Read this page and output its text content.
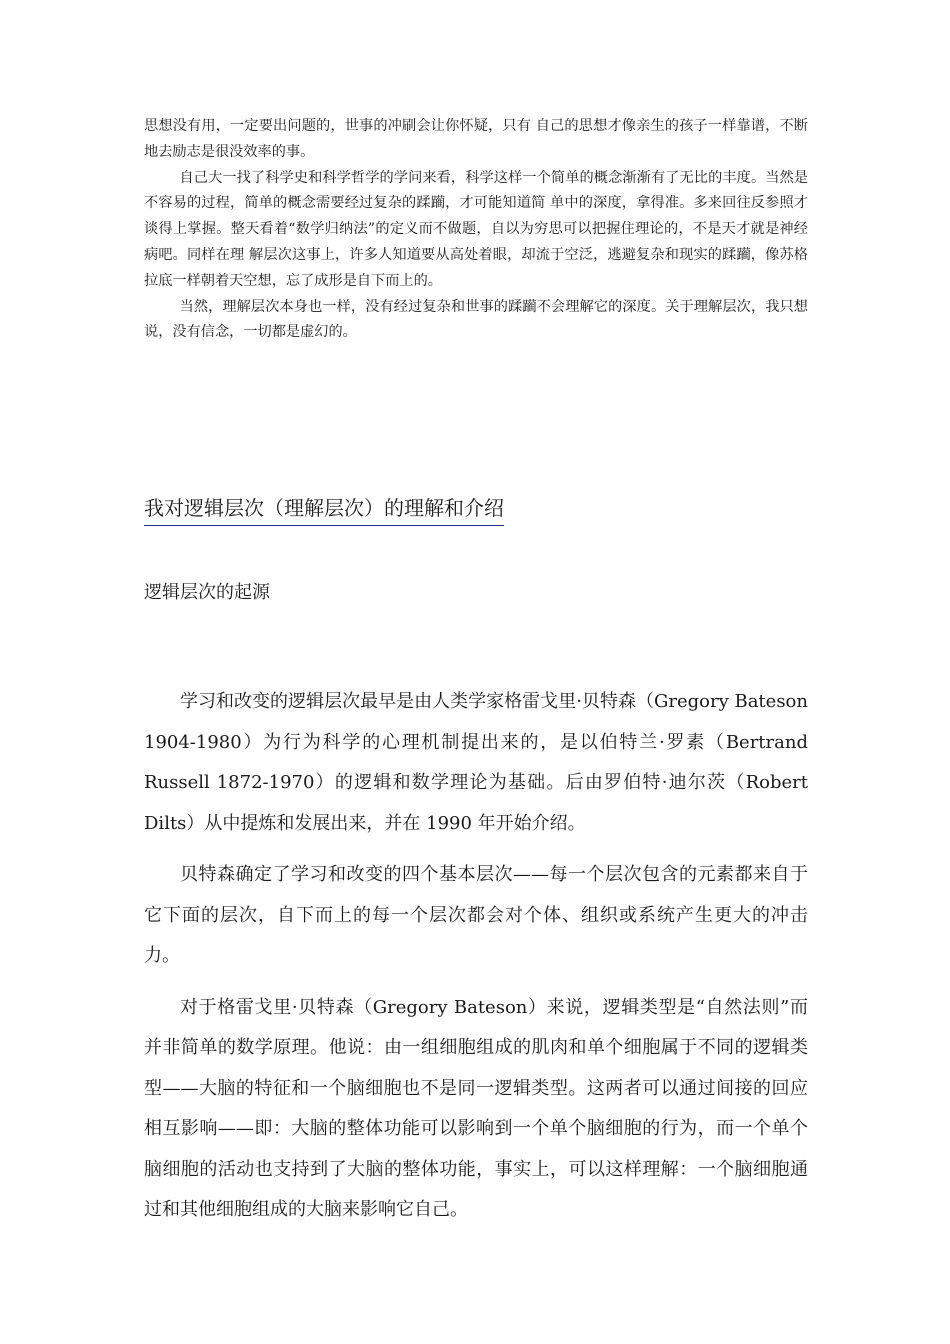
思想没有用，一定要出问题的，世事的冲刷会让你怀疑，只有 自己的思想才像亲生的孩子一样靠谱，不断地去励志是很没效率的事。

自己大一找了科学史和科学哲学的学问来看，科学这样一个简单的概念渐渐有了无比的丰度。当然是不容易的过程，简单的概念需要经过复杂的蹂躏，才可能知道简 单中的深度，拿得准。多来回往反参照才谈得上掌握。整天看着“数学归纳法”的定义而不做题，自以为穷思可以把握住理论的，不是天才就是神经病吧。同样在理 解层次这事上，许多人知道要从高处着眼，却流于空泛，逃避复杂和现实的蹂躏，像苏格拉底一样朝着天空想，忘了成形是自下而上的。

当然，理解层次本身也一样，没有经过复杂和世事的蹂躏不会理解它的深度。关于理解层次，我只想说，没有信念，一切都是虚幻的。

我对逻辑层次（理解层次）的理解和介绍
逻辑层次的起源

学习和改变的逻辑层次最早是由人类学家格雷戈里·贝特森（Gregory Bateson 1904-1980）为行为科学的心理机制提出来的，是以伯特兰·罗素（Bertrand Russell 1872-1970）的逻辑和数学理论为基础。后由罗伯特·迪尔茨（Robert Dilts）从中提炼和发展出来，并在 1990 年开始介绍。

贝特森确定了学习和改变的四个基本层次——每一个层次包含的元素都来自于它下面的层次，自下而上的每一个层次都会对个体、组织或系统产生更大的冲击力。

对于格雷戈里·贝特森（Gregory Bateson）来说，逻辑类型是“自然法则”而并非简单的数学原理。他说：由一组细胞组成的肌肉和单个细胞属于不同的逻辑类型——大脑的特征和一个脑细胞也不是同一逻辑类型。这两者可以通过间接的回应相互影响——即：大脑的整体功能可以影响到一个单个脑细胞的行为，而一个单个脑细胞的活动也支持到了大脑的整体功能，事实上，可以这样理解：一个脑细胞通过和其他细胞组成的大脑来影响它自己。
